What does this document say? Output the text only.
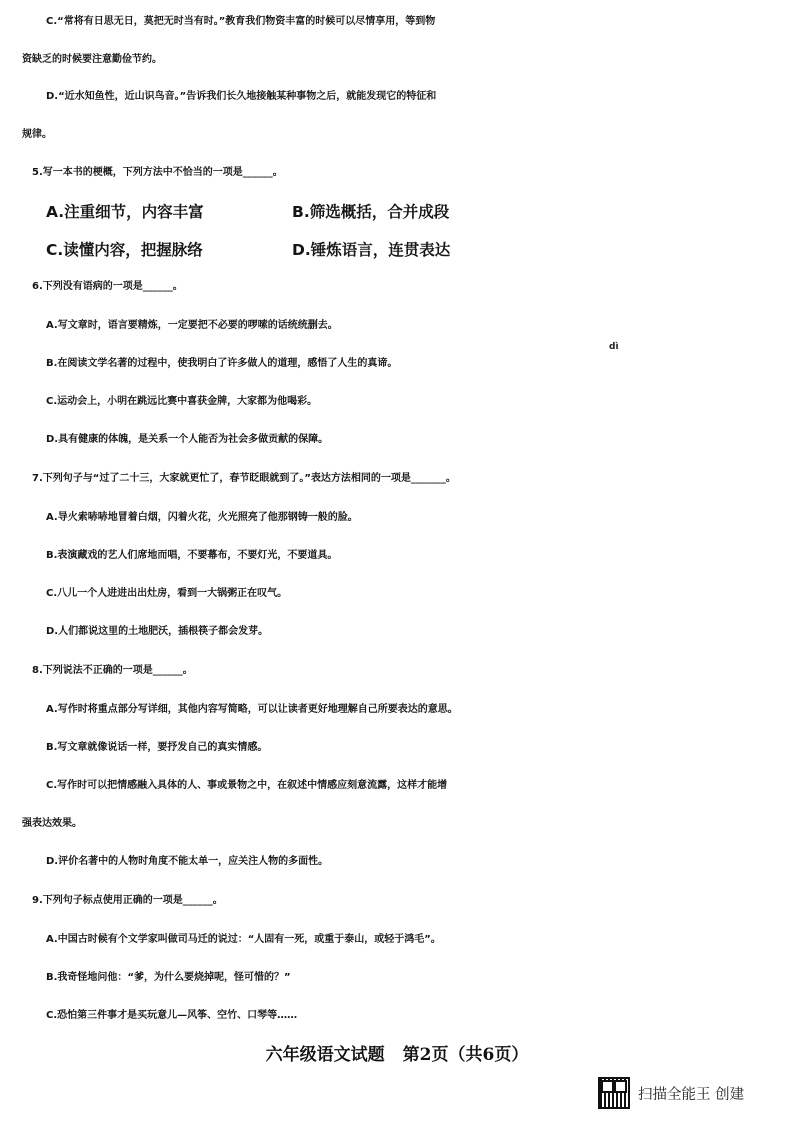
C.“常将有日思无日，莫把无时当有时。”教育我们物资丰富的时候可以尽情享用，等到物
资缺乏的时候要注意勤俭节约。
D.“近水知鱼性，近山识鸟音。”告诉我们长久地接触某种事物之后，就能发现它的特征和
规律。
5.写一本书的梗概，下列方法中不恰当的一项是______。
6.下列没有语病的一项是______。
A.写文章时，语言要精炼，一定要把不必要的啰嗦的话统统删去。
B.在阅读文学名著的过程中，使我明白了许多做人的道理，感悟了人生的真谛。
C.运动会上，小明在跳远比赛中喜获金牌，大家都为他喝彩。
D.具有健康的体魄，是关系一个人能否为社会多做贡献的保障。
7.下列句子与“过了二十三，大家就更忙了，春节眨眼就到了。”表达方法相同的一项是_______。
A.导火索哧哧地冒着白烟，闪着火花，火光照亮了他那钢铸一般的脸。
B.表演藏戏的艺人们席地而唱，不要幕布，不要灯光，不要道具。
C.八儿一个人进进出出灶房，看到一大锅粥正在叹气。
D.人们都说这里的土地肥沃，插根筷子都会发芽。
8.下列说法不正确的一项是______。
A.写作时将重点部分写详细，其他内容写简略，可以让读者更好地理解自己所要表达的意思。
B.写文章就像说话一样，要抒发自己的真实情感。
C.写作时可以把情感融入具体的人、事或景物之中，在叙述中情感应刻意流露，这样才能增
强表达效果。
D.评价名著中的人物时角度不能太单一，应关注人物的多面性。
9.下列句子标点使用正确的一项是______。
A.中国古时候有个文学家叫做司马迁的说过：“人固有一死，或重于泰山，或轻于鸿毛”。
B.我奇怪地问他：“爹，为什么要烧掉呢，怪可惜的？”
C.恐怕第三件事才是买玩意儿—风筝、空竹、口琴等……
A.注重细节，内容丰富	B.筛选概括，合并成段
C.读懂内容，把握脉络	D.锤炼语言，连贯表达
dì
六年级语文试题 第2页（共6页）
扫描全能王 创建
